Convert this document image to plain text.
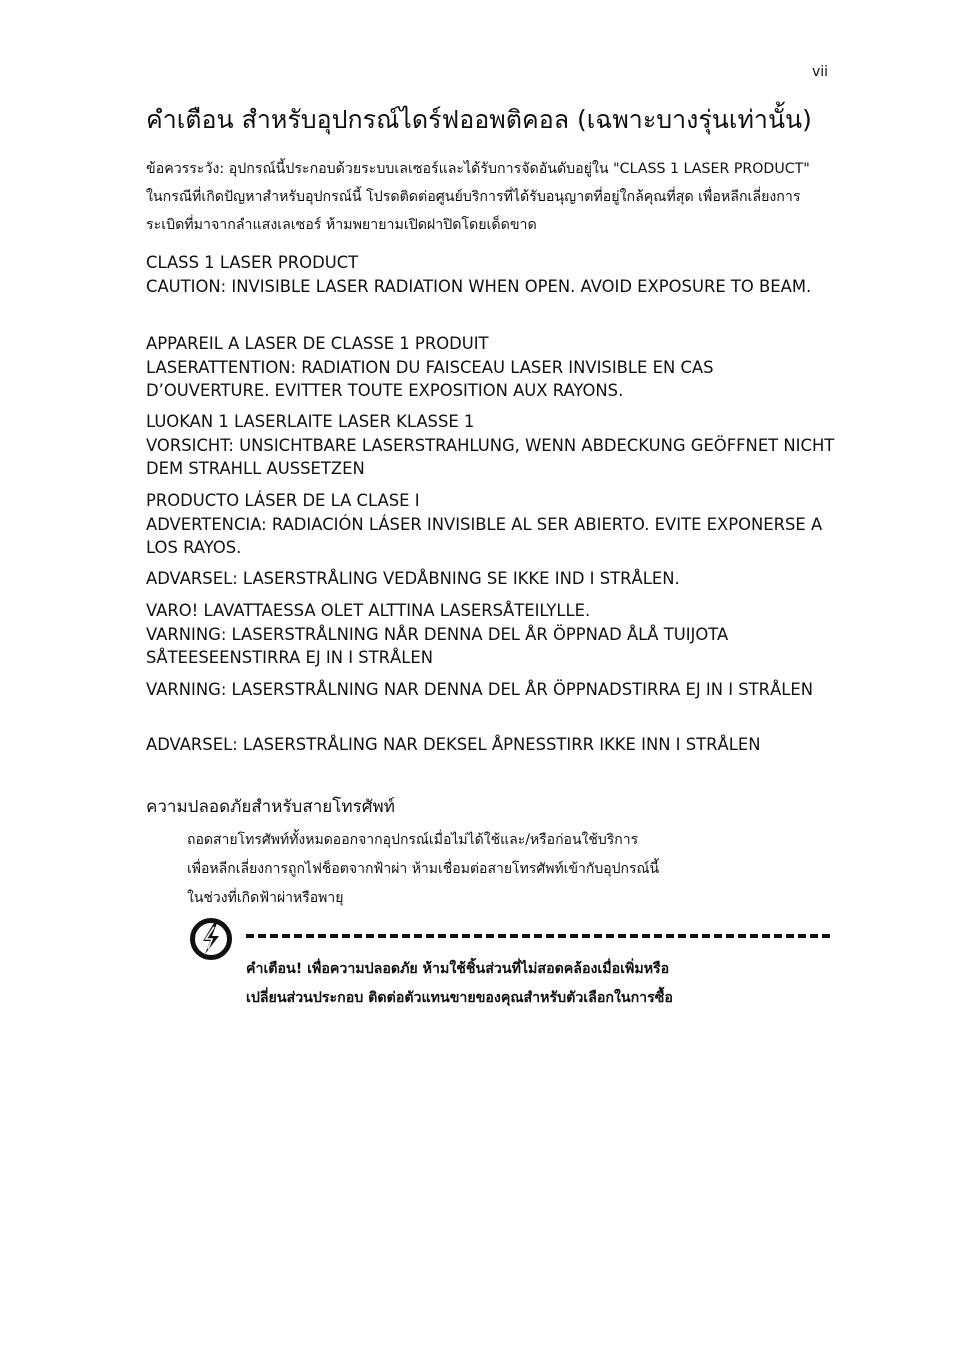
vii
คำเตือน สำหรับอุปกรณ์ไดร์ฟออพติคอล (เฉพาะบางรุ่นเท่านั้น)

ข้อควรระวัง: อุปกรณ์นี้ประกอบด้วยระบบเลเซอร์และได้รับการจัดอันดับอยู่ใน "CLASS 1 LASER PRODUCT" ในกรณีที่เกิดปัญหาสำหรับอุปกรณ์นี้ โปรดติดต่อศูนย์บริการที่ได้รับอนุญาตที่อยู่ใกล้คุณที่สุด เพื่อหลีกเลี่ยงการระเบิดที่มาจากลำแสงเลเซอร์ ห้ามพยายามเปิดฝาปิดโดยเด็ดขาด

CLASS 1 LASER PRODUCT
CAUTION: INVISIBLE LASER RADIATION WHEN OPEN. AVOID EXPOSURE TO BEAM.

APPAREIL A LASER DE CLASSE 1 PRODUIT
LASERATTENTION: RADIATION DU FAISCEAU LASER INVISIBLE EN CAS D’OUVERTURE. EVITTER TOUTE EXPOSITION AUX RAYONS.

LUOKAN 1 LASERLAITE LASER KLASSE 1
VORSICHT: UNSICHTBARE LASERSTRAHLUNG, WENN ABDECKUNG GEÖFFNET NICHT DEM STRAHLL AUSSETZEN

PRODUCTO LÁSER DE LA CLASE I
ADVERTENCIA: RADIACIÓN LÁSER INVISIBLE AL SER ABIERTO. EVITE EXPONERSE A LOS RAYOS.

ADVARSEL: LASERSTRÅLING VEDÅBNING SE IKKE IND I STRÅLEN.

VARO! LAVATTAESSA OLET ALTTINA LASERSÅTEILYLLE.
VARNING: LASERSTRÅLNING NÅR DENNA DEL ÅR ÖPPNAD ÅLÅ TUIJOTA SÅTEESEENSTIRRA EJ IN I STRÅLEN

VARNING: LASERSTRÅLNING NAR DENNA DEL ÅR ÖPPNADSTIRRA EJ IN I STRÅLEN

ADVARSEL: LASERSTRÅLING NAR DEKSEL ÅPNESSTIRR IKKE INN I STRÅLEN

ความปลอดภัยสำหรับสายโทรศัพท์

ถอดสายโทรศัพท์ทั้งหมดออกจากอุปกรณ์เมื่อไม่ได้ใช้และ/หรือก่อนใช้บริการ
เพื่อหลีกเลี่ยงการถูกไฟช็อตจากฟ้าผ่า ห้ามเชื่อมต่อสายโทรศัพท์เข้ากับอุปกรณ์นี้
ในช่วงที่เกิดฟ้าผ่าหรือพายุ

คำเตือน! เพื่อความปลอดภัย ห้ามใช้ชิ้นส่วนที่ไม่สอดคล้องเมื่อเพิ่มหรือ
เปลี่ยนส่วนประกอบ ติดต่อตัวแทนขายของคุณสำหรับตัวเลือกในการซื้อ
